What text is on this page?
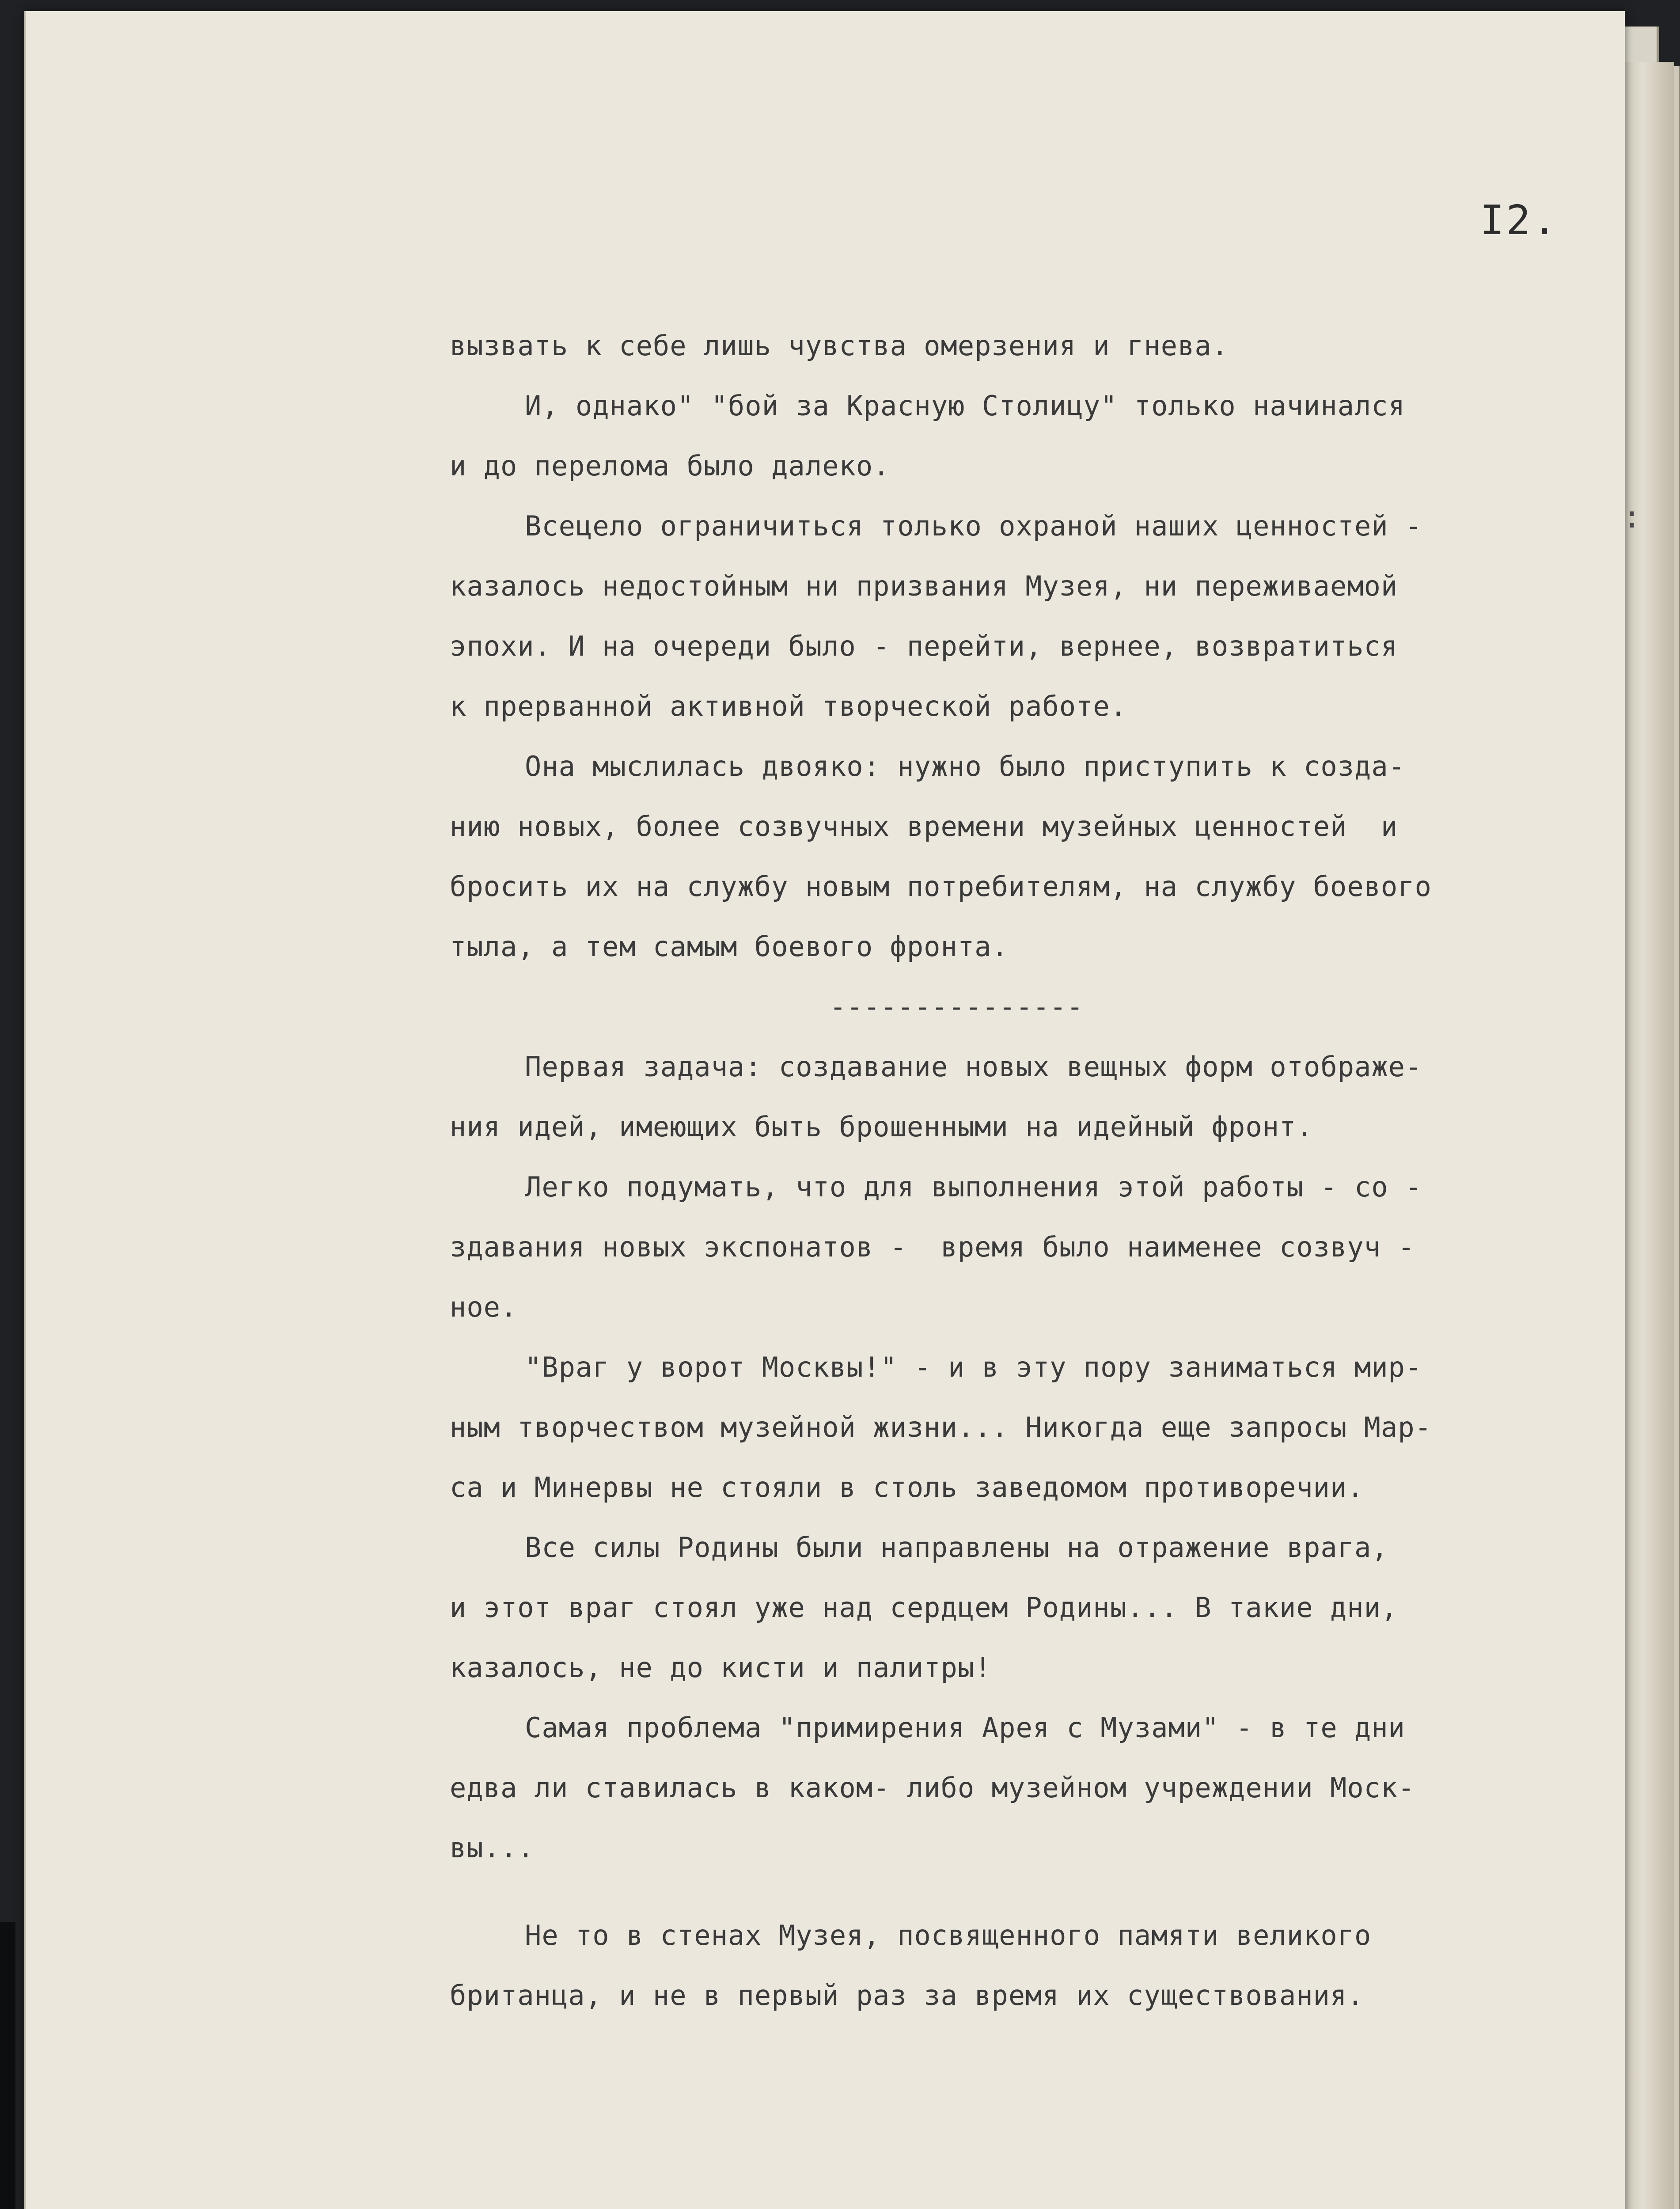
I2.
:
вызвать к себе лишь чувства омерзения и гнева.
И, однако" "бой за Красную Столицу" только начинался
и до перелома было далеко.
Всецело ограничиться только охраной наших ценностей -
казалось недостойным ни призвания Музея, ни переживаемой
эпохи. И на очереди было - перейти, вернее, возвратиться
к прерванной активной творческой работе.
Она мыслилась двояко: нужно было приступить к созда-
нию новых, более созвучных времени музейных ценностей  и
бросить их на службу новым потребителям, на службу боевого
тыла, а тем самым боевого фронта.
---------------
Первая задача: создавание новых вещных форм отображе-
ния идей, имеющих быть брошенными на идейный фронт.
Легко подумать, что для выполнения этой работы - со -
здавания новых экспонатов -  время было наименее созвуч -
ное.
"Враг у ворот Москвы!" - и в эту пору заниматься мир-
ным творчеством музейной жизни... Никогда еще запросы Мар-
са и Минервы не стояли в столь заведомом противоречии.
Все силы Родины были направлены на отражение врага,
и этот враг стоял уже над сердцем Родины... В такие дни,
казалось, не до кисти и палитры!
Самая проблема "примирения Арея с Музами" - в те дни
едва ли ставилась в каком- либо музейном учреждении Моск-
вы...
Не то в стенах Музея, посвященного памяти великого
британца, и не в первый раз за время их существования.
